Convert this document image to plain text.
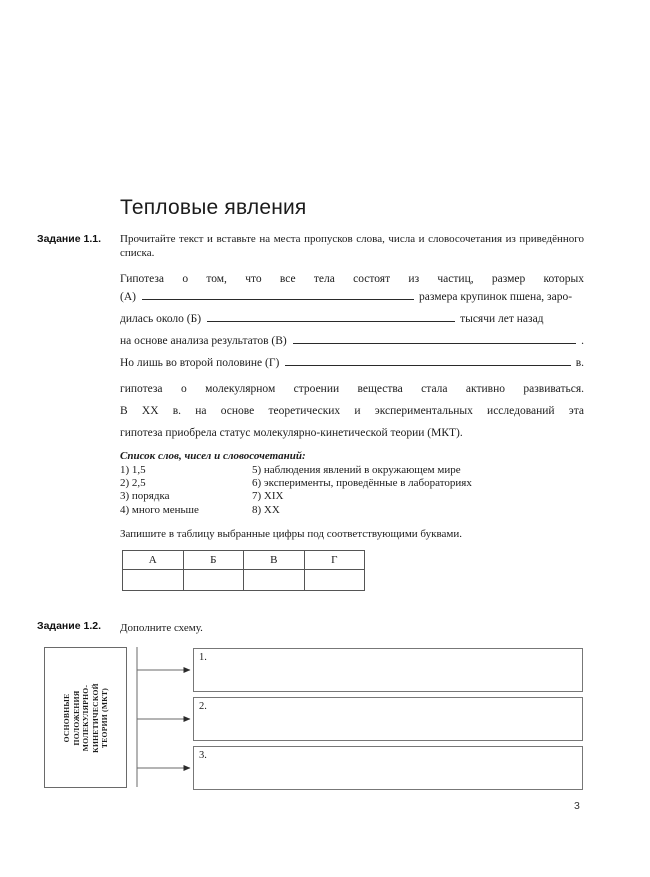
Тепловые явления
Задание 1.1. Прочитайте текст и вставьте на места пропусков слова, числа и словосочетания из приведённого списка.
Гипотеза о том, что все тела состоят из частиц, размер которых
(А)	размера крупинок пшена, заро-
дилась около (Б)	тысячи лет назад
на основе анализа результатов (В)	.
Но лишь во второй половине (Г)	в.
гипотеза о молекулярном строении вещества стала активно развиваться.
В XX в. на основе теоретических и экспериментальных исследований эта
гипотеза приобрела статус молекулярно-кинетической теории (МКТ).
Список слов, чисел и словосочетаний:
1) 1,5
2) 2,5
3) порядка
4) много меньше
5) наблюдения явлений в окружающем мире
6) эксперименты, проведённые в лабораториях
7) XIX
8) XX
Запишите в таблицу выбранные цифры под соответствующими буквами.
А	Б	В	Г

Задание 1.2. Дополните схему.
ОСНОВНЫЕ ПОЛОЖЕНИЯ МОЛЕКУЛЯРНО- КИНЕТИЧЕСКОЙ ТЕОРИИ (МКТ)
1.
2.
3.
3
